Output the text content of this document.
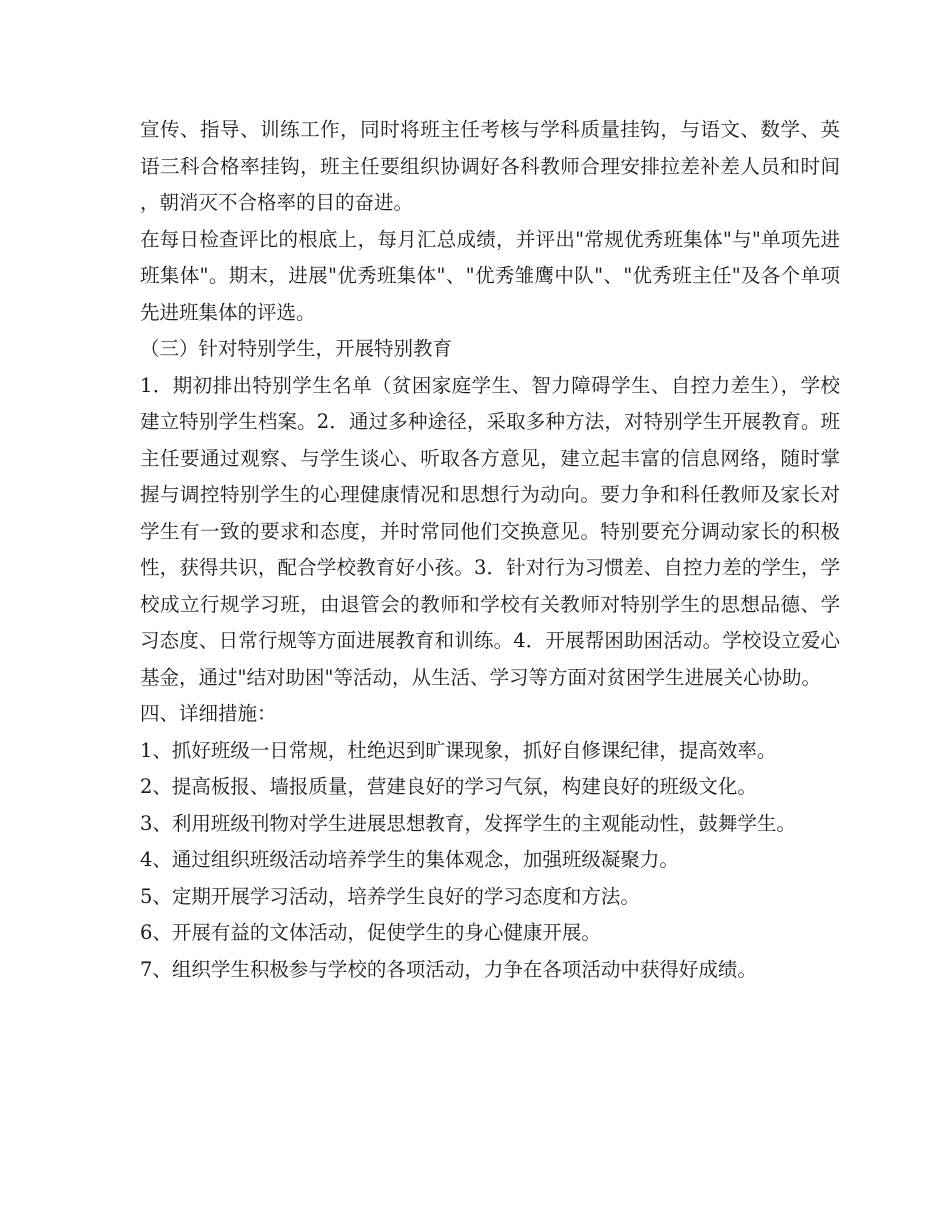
宣传、指导、训练工作，同时将班主任考核与学科质量挂钩，与语文、数学、英语三科合格率挂钩，班主任要组织协调好各科教师合理安排拉差补差人员和时间，朝消灭不合格率的目的奋进。

在每日检查评比的根底上，每月汇总成绩，并评出"常规优秀班集体"与"单项先进班集体"。期末，进展"优秀班集体"、"优秀雏鹰中队"、"优秀班主任"及各个单项先进班集体的评选。

（三）针对特别学生，开展特别教育

1．期初排出特别学生名单（贫困家庭学生、智力障碍学生、自控力差生），学校建立特别学生档案。2．通过多种途径，采取多种方法，对特别学生开展教育。班主任要通过观察、与学生谈心、听取各方意见，建立起丰富的信息网络，随时掌握与调控特别学生的心理健康情况和思想行为动向。要力争和科任教师及家长对学生有一致的要求和态度，并时常同他们交换意见。特别要充分调动家长的积极性，获得共识，配合学校教育好小孩。3．针对行为习惯差、自控力差的学生，学校成立行规学习班，由退管会的教师和学校有关教师对特别学生的思想品德、学习态度、日常行规等方面进展教育和训练。4．开展帮困助困活动。学校设立爱心基金，通过"结对助困"等活动，从生活、学习等方面对贫困学生进展关心协助。

四、详细措施：

1、抓好班级一日常规，杜绝迟到旷课现象，抓好自修课纪律，提高效率。

2、提高板报、墙报质量，营建良好的学习气氛，构建良好的班级文化。

3、利用班级刊物对学生进展思想教育，发挥学生的主观能动性，鼓舞学生。

4、通过组织班级活动培养学生的集体观念，加强班级凝聚力。

5、定期开展学习活动，培养学生良好的学习态度和方法。

6、开展有益的文体活动，促使学生的身心健康开展。

7、组织学生积极参与学校的各项活动，力争在各项活动中获得好成绩。
